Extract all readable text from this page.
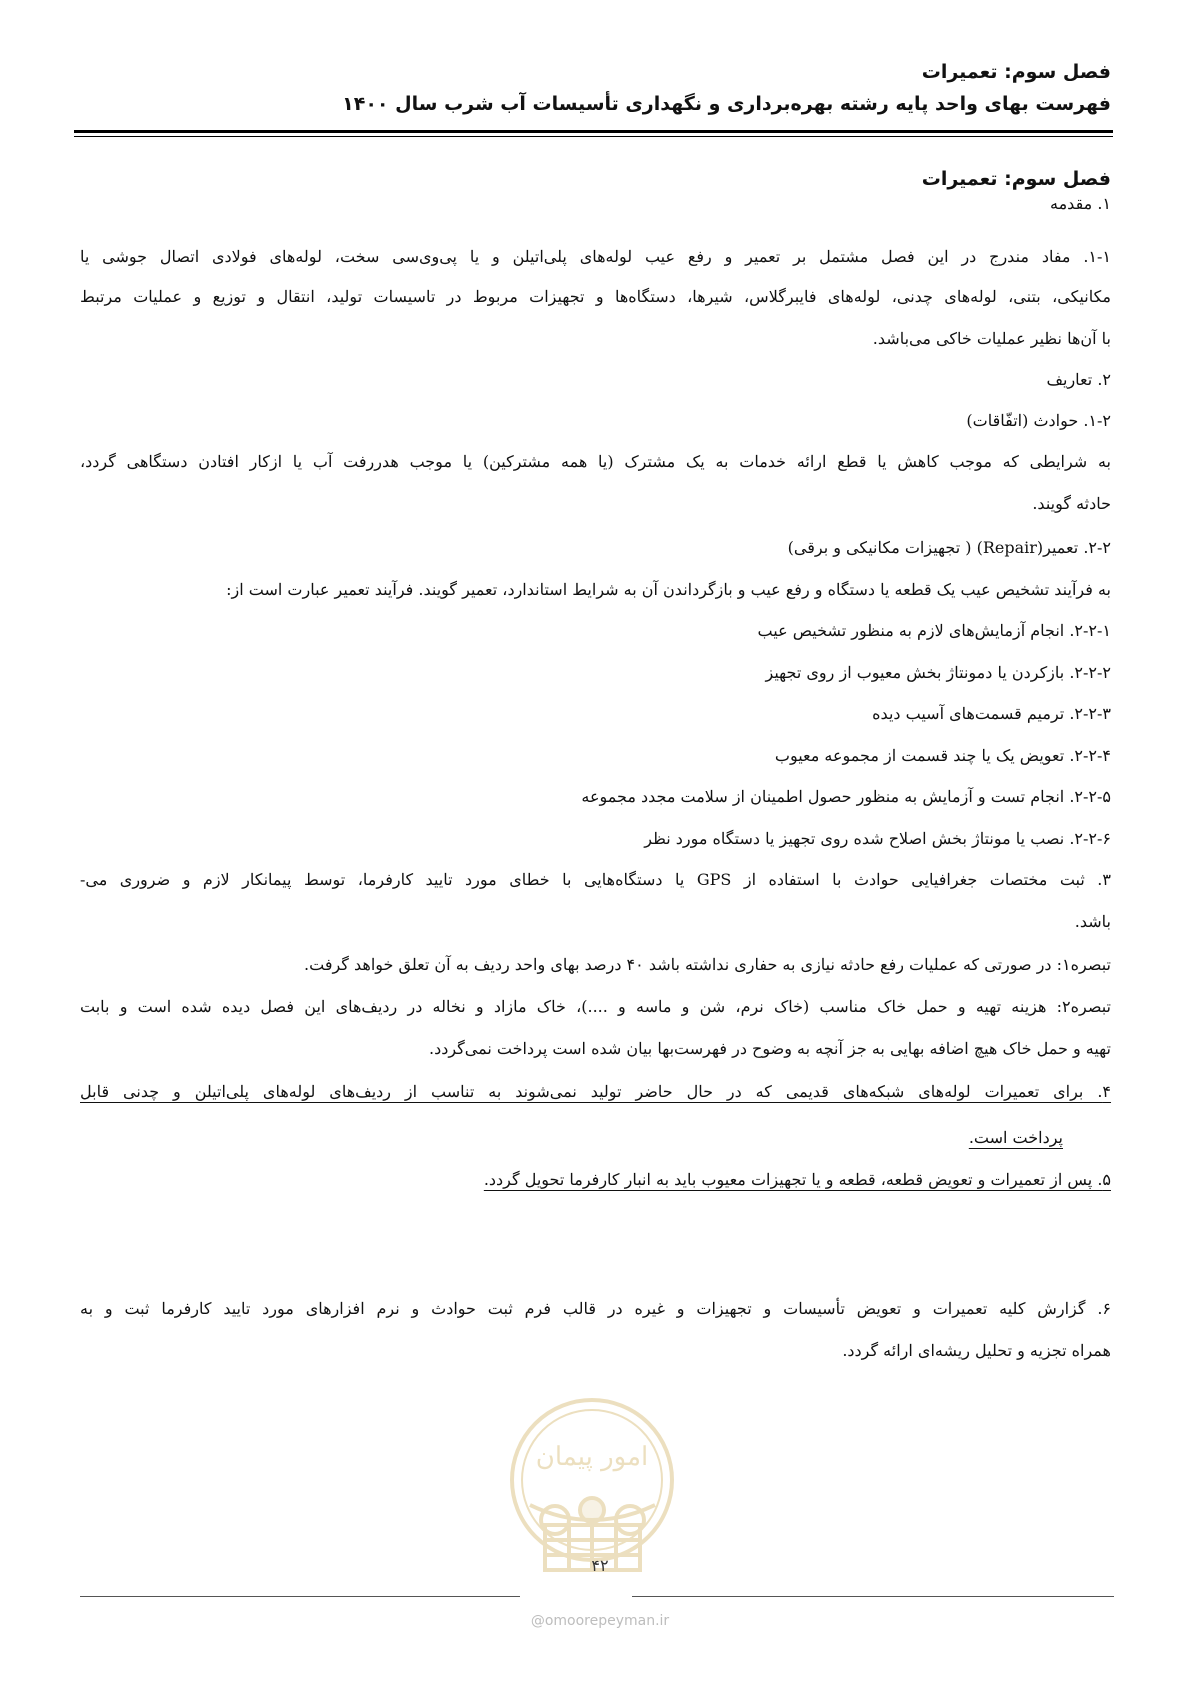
فصل سوم: تعمیرات
فهرست بهای واحد پایه رشته بهره‌برداری و نگهداری تأسیسات آب شرب سال ۱۴۰۰
فصل سوم: تعمیرات
۱. مقدمه
۱-۱. مفاد مندرج در این فصل مشتمل بر تعمیر و رفع عیب لوله‌های پلی‌اتیلن و یا پی‌وی‌سی سخت، لوله‌های فولادی اتصال جوشی یا
مکانیکی، بتنی، لوله‌های چدنی، لوله‌های فایبرگلاس، شیرها، دستگاه‌ها و تجهیزات مربوط در تاسیسات تولید، انتقال و توزیع و عملیات مرتبط
با آن‌ها نظیر عملیات خاکی می‌باشد.
۲. تعاریف
۱-۲. حوادث (اتفّاقات)
به شرایطی که موجب کاهش یا قطع ارائه خدمات به یک مشترک (یا همه مشترکین) یا موجب هدررفت آب یا ازکار افتادن دستگاهی گردد،
حادثه گویند.
۲-۲. تعمیر(Repair) ( تجهیزات مکانیکی و برقی)
به فرآیند تشخیص عیب یک قطعه یا دستگاه و رفع عیب و بازگرداندن آن به شرایط استاندارد، تعمیر گویند. فرآیند تعمیر عبارت است از:
۲-۲-۱. انجام آزمایش‌های لازم به منظور تشخیص عیب
۲-۲-۲. بازکردن یا دمونتاژ بخش معیوب از روی تجهیز
۲-۲-۳. ترمیم قسمت‌های آسیب دیده
۲-۲-۴. تعویض یک یا چند قسمت از مجموعه معیوب
۲-۲-۵. انجام تست و آزمایش به منظور حصول اطمینان از سلامت مجدد مجموعه
۲-۲-۶. نصب یا مونتاژ بخش اصلاح شده روی تجهیز یا دستگاه مورد نظر
۳. ثبت مختصات جغرافیایی حوادث با استفاده از GPS یا دستگاه‌هایی با خطای مورد تایید کارفرما، توسط پیمانکار لازم و ضروری می-
باشد.
تبصره۱: در صورتی که عملیات رفع حادثه نیازی به حفاری نداشته باشد ۴۰ درصد بهای واحد ردیف به آن تعلق خواهد گرفت.
تبصره۲: هزینه تهیه و حمل خاک مناسب (خاک نرم، شن و ماسه و ....)، خاک مازاد و نخاله در ردیف‌های این فصل دیده شده است و بابت
تهیه و حمل خاک هیچ اضافه بهایی به جز آنچه به وضوح در فهرست‌بها بیان شده است پرداخت نمی‌گردد.
۴. برای تعمیرات لوله‌های شبکه‌های قدیمی که در حال حاضر تولید نمی‌شوند به تناسب از ردیف‌های لوله‌های پلی‌اتیلن و چدنی قابل
پرداخت است.
۵. پس از تعمیرات و تعویض قطعه، قطعه و یا تجهیزات معیوب باید به انبار کارفرما تحویل گردد.
۶. گزارش کلیه تعمیرات و تعویض تأسیسات و تجهیزات و غیره در قالب فرم ثبت حوادث و نرم افزارهای مورد تایید کارفرما ثبت و به
همراه تجزیه و تحلیل ریشه‌ای ارائه گردد.
امور پیمان
۴۲
@omoorepeyman.ir
